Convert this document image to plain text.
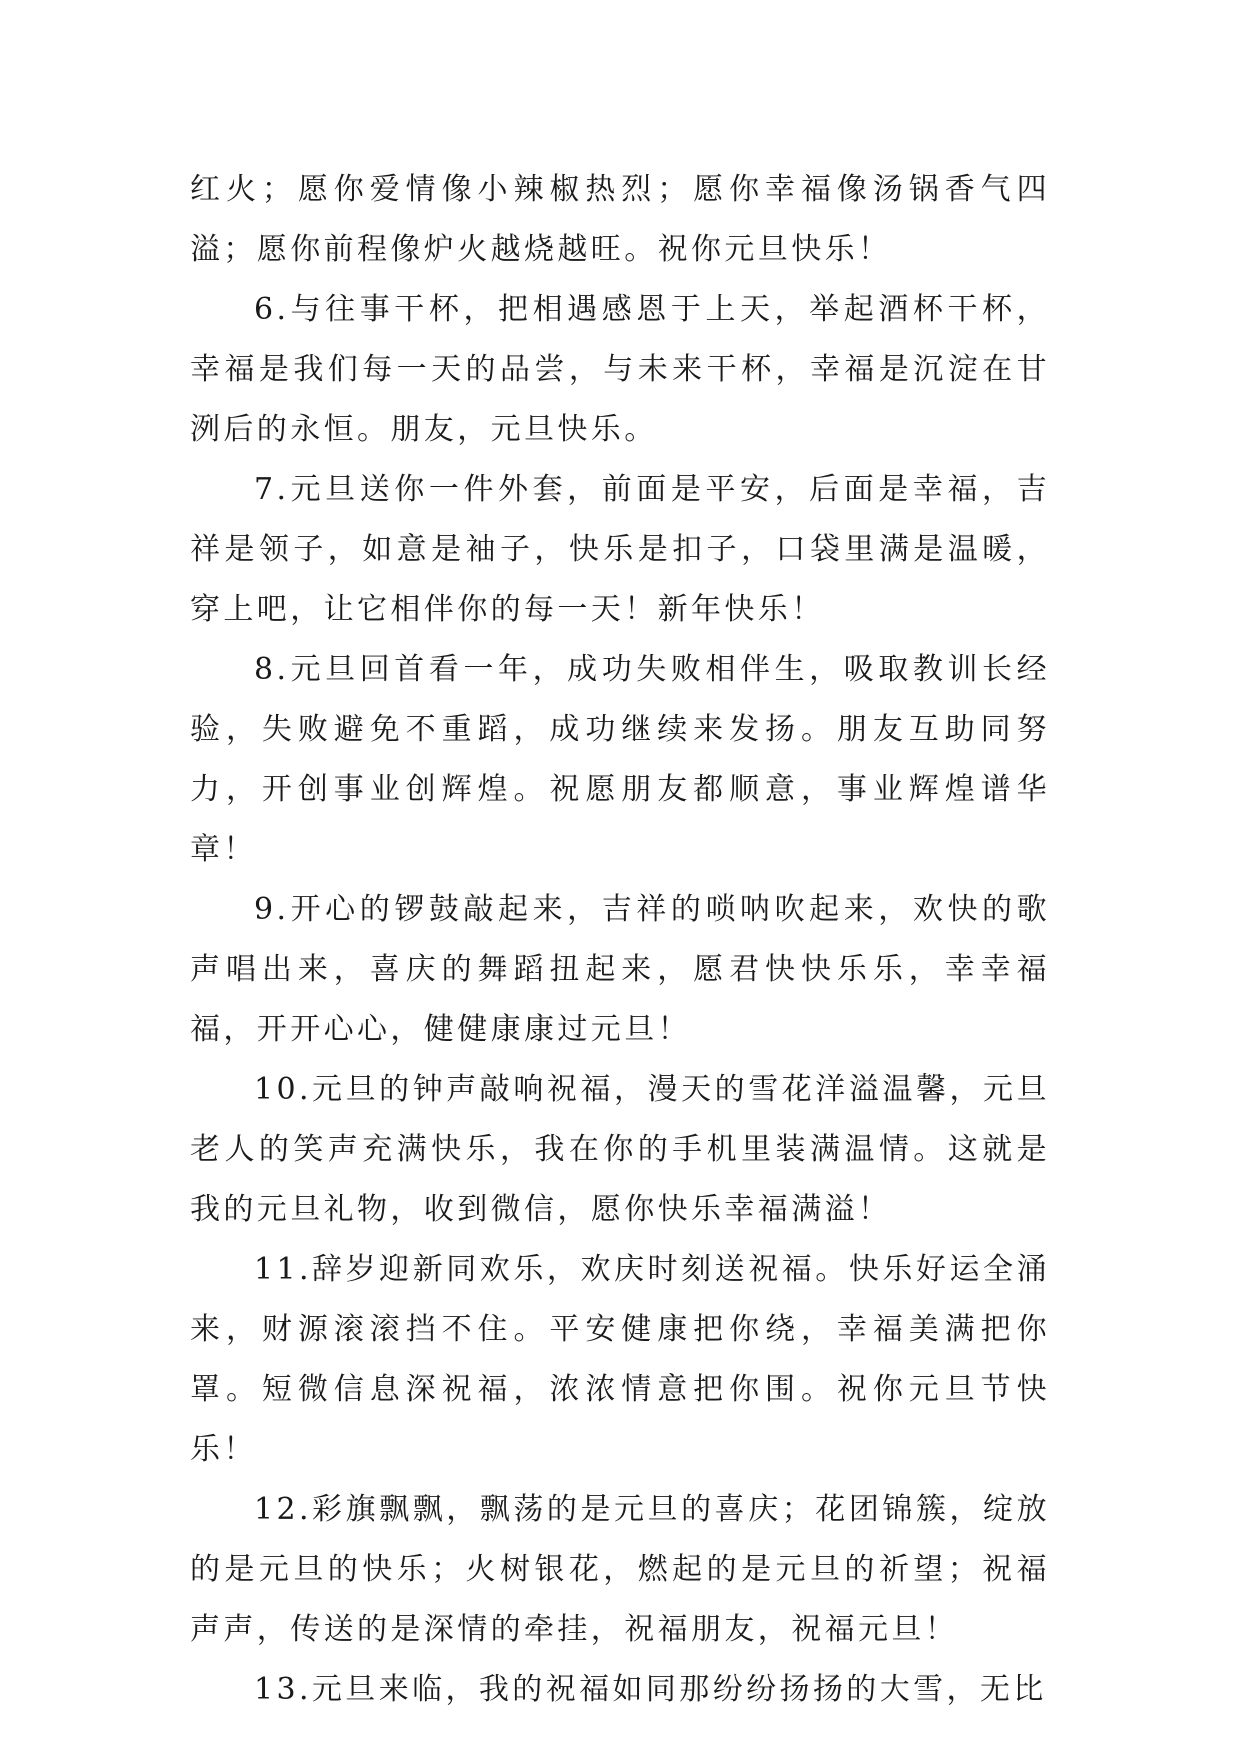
红火；愿你爱情像小辣椒热烈；愿你幸福像汤锅香气四溢；愿你前程像炉火越烧越旺。祝你元旦快乐！

6.与往事干杯，把相遇感恩于上天，举起酒杯干杯，幸福是我们每一天的品尝，与未来干杯，幸福是沉淀在甘洌后的永恒。朋友，元旦快乐。

7.元旦送你一件外套，前面是平安，后面是幸福，吉祥是领子，如意是袖子，快乐是扣子，口袋里满是温暖，穿上吧，让它相伴你的每一天！新年快乐！

8.元旦回首看一年，成功失败相伴生，吸取教训长经验，失败避免不重蹈，成功继续来发扬。朋友互助同努力，开创事业创辉煌。祝愿朋友都顺意，事业辉煌谱华章！

9.开心的锣鼓敲起来，吉祥的唢呐吹起来，欢快的歌声唱出来，喜庆的舞蹈扭起来，愿君快快乐乐，幸幸福福，开开心心，健健康康过元旦！

10.元旦的钟声敲响祝福，漫天的雪花洋溢温馨，元旦老人的笑声充满快乐，我在你的手机里装满温情。这就是我的元旦礼物，收到微信，愿你快乐幸福满溢！

11.辞岁迎新同欢乐，欢庆时刻送祝福。快乐好运全涌来，财源滚滚挡不住。平安健康把你绕，幸福美满把你罩。短微信息深祝福，浓浓情意把你围。祝你元旦节快乐！

12.彩旗飘飘，飘荡的是元旦的喜庆；花团锦簇，绽放的是元旦的快乐；火树银花，燃起的是元旦的祈望；祝福声声，传送的是深情的牵挂，祝福朋友，祝福元旦！

13.元旦来临，我的祝福如同那纷纷扬扬的大雪，无比
